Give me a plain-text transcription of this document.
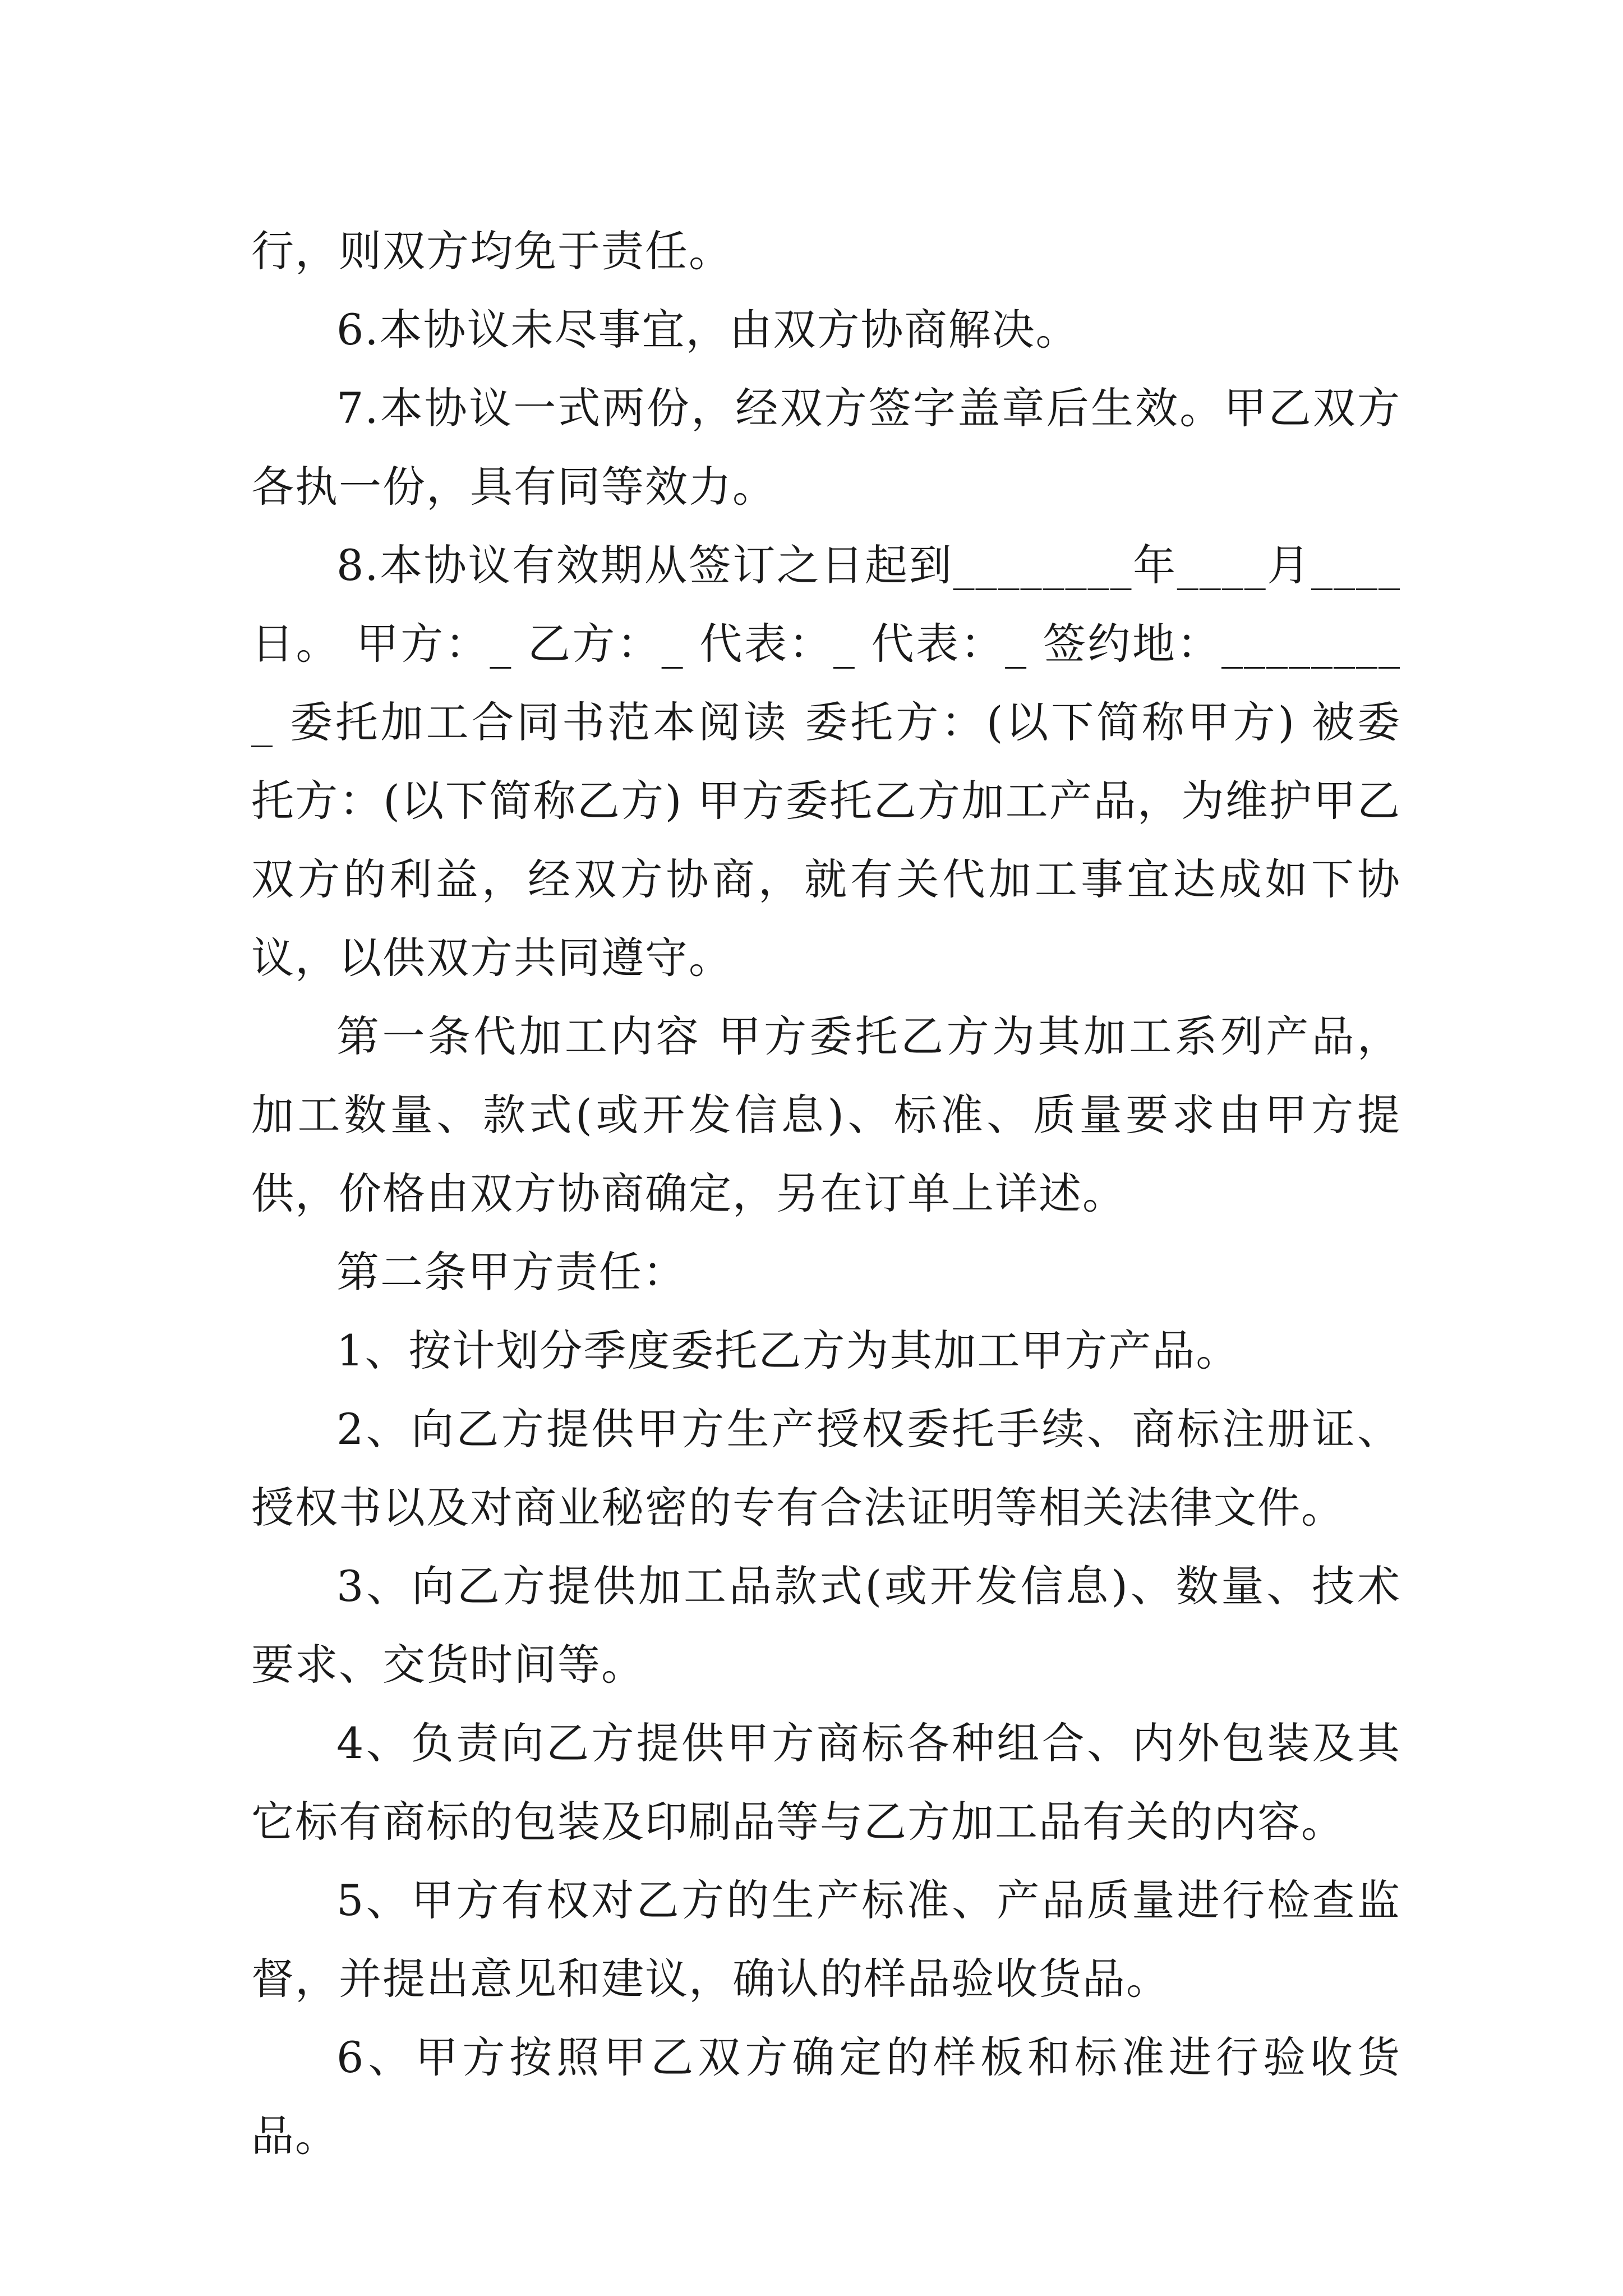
行，则双方均免于责任。

6.本协议未尽事宜，由双方协商解决。

7.本协议一式两份，经双方签字盖章后生效。甲乙双方各执一份，具有同等效力。

8.本协议有效期从签订之日起到________年____月____日。 甲方：_ 乙方：_ 代表：_ 代表：_ 签约地：_________ 委托加工合同书范本阅读 委托方：(以下简称甲方) 被委托方：(以下简称乙方) 甲方委托乙方加工产品，为维护甲乙双方的利益，经双方协商，就有关代加工事宜达成如下协议，以供双方共同遵守。

第一条代加工内容 甲方委托乙方为其加工系列产品，加工数量、款式(或开发信息)、标准、质量要求由甲方提供，价格由双方协商确定，另在订单上详述。

第二条甲方责任：

1、按计划分季度委托乙方为其加工甲方产品。

2、向乙方提供甲方生产授权委托手续、商标注册证、授权书以及对商业秘密的专有合法证明等相关法律文件。

3、向乙方提供加工品款式(或开发信息)、数量、技术要求、交货时间等。

4、负责向乙方提供甲方商标各种组合、内外包装及其它标有商标的包装及印刷品等与乙方加工品有关的内容。

5、甲方有权对乙方的生产标准、产品质量进行检查监督，并提出意见和建议，确认的样品验收货品。

6、甲方按照甲乙双方确定的样板和标准进行验收货品。
